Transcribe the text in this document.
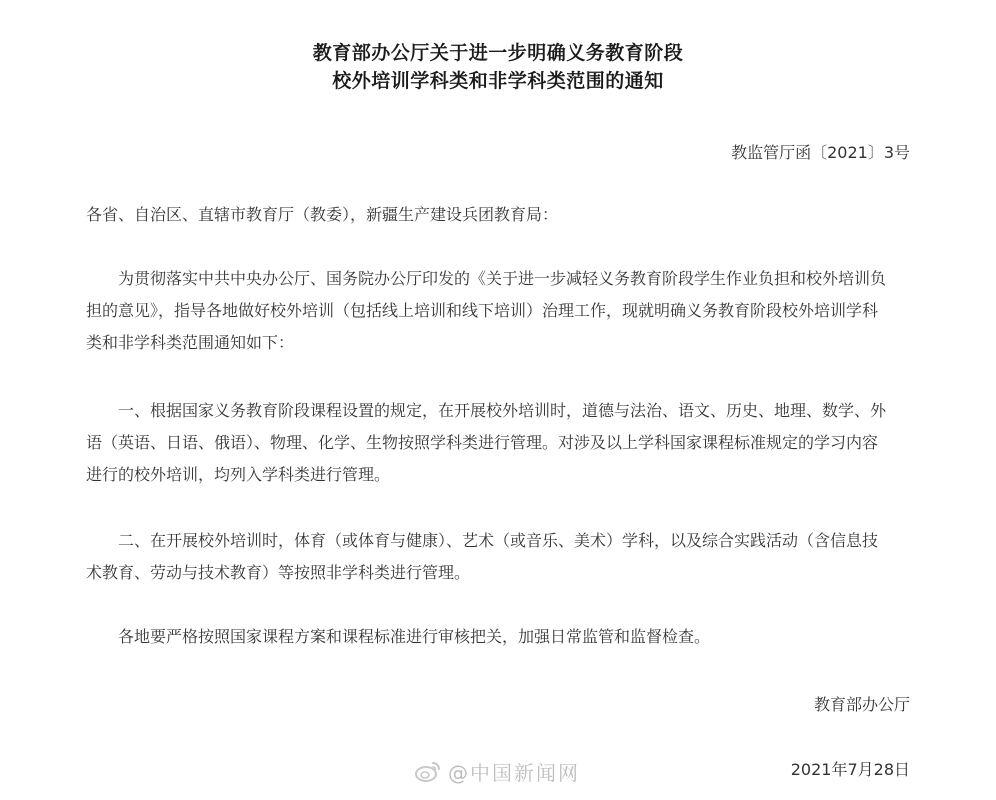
教育部办公厅关于进一步明确义务教育阶段
校外培训学科类和非学科类范围的通知
教监管厅函〔2021〕3号
各省、自治区、直辖市教育厅（教委），新疆生产建设兵团教育局：
为贯彻落实中共中央办公厅、国务院办公厅印发的《关于进一步减轻义务教育阶段学生作业负担和校外培训负
担的意见》，指导各地做好校外培训（包括线上培训和线下培训）治理工作，现就明确义务教育阶段校外培训学科
类和非学科类范围通知如下：
一、根据国家义务教育阶段课程设置的规定，在开展校外培训时，道德与法治、语文、历史、地理、数学、外
语（英语、日语、俄语）、物理、化学、生物按照学科类进行管理。对涉及以上学科国家课程标准规定的学习内容
进行的校外培训，均列入学科类进行管理。
二、在开展校外培训时，体育（或体育与健康）、艺术（或音乐、美术）学科，以及综合实践活动（含信息技
术教育、劳动与技术教育）等按照非学科类进行管理。
各地要严格按照国家课程方案和课程标准进行审核把关，加强日常监管和监督检查。
教育部办公厅
2021年7月28日
@中国新闻网
